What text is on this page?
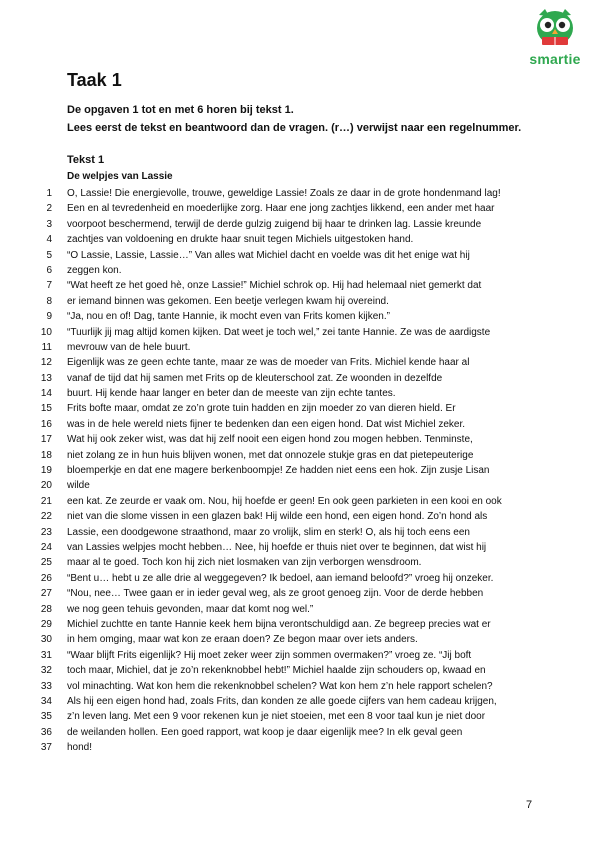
smartie
Taak 1
De opgaven 1 tot en met 6 horen bij tekst 1.
Lees eerst de tekst en beantwoord dan de vragen. (r…) verwijst naar een regelnummer.
Tekst 1
De welpjes van Lassie
1 O, Lassie! Die energievolle, trouwe, geweldige Lassie! Zoals ze daar in de grote hondenmand lag!
2 Een en al tevredenheid en moederlijke zorg. Haar ene jong zachtjes likkend, een ander met haar
3 voorpoot beschermend, terwijl de derde gulzig zuigend bij haar te drinken lag. Lassie kreunde
4 zachtjes van voldoening en drukte haar snuit tegen Michiels uitgestoken hand.
5 “O Lassie, Lassie, Lassie…” Van alles wat Michiel dacht en voelde was dit het enige wat hij
6 zeggen kon.
7 “Wat heeft ze het goed hè, onze Lassie!” Michiel schrok op. Hij had helemaal niet gemerkt dat
8 er iemand binnen was gekomen. Een beetje verlegen kwam hij overeind.
9 “Ja, nou en of! Dag, tante Hannie, ik mocht even van Frits komen kijken.”
10 “Tuurlijk jij mag altijd komen kijken. Dat weet je toch wel,” zei tante Hannie. Ze was de aardigste
11 mevrouw van de hele buurt.
12 Eigenlijk was ze geen echte tante, maar ze was de moeder van Frits. Michiel kende haar al
13 vanaf de tijd dat hij samen met Frits op de kleuterschool zat. Ze woonden in dezelfde
14 buurt. Hij kende haar langer en beter dan de meeste van zijn echte tantes.
15 Frits bofte maar, omdat ze zo’n grote tuin hadden en zijn moeder zo van dieren hield. Er
16 was in de hele wereld niets fijner te bedenken dan een eigen hond. Dat wist Michiel zeker.
17 Wat hij ook zeker wist, was dat hij zelf nooit een eigen hond zou mogen hebben. Tenminste,
18 niet zolang ze in hun huis blijven wonen, met dat onnozele stukje gras en dat pietepeuterige
19 bloemperkje en dat ene magere berkenboompje! Ze hadden niet eens een hok. Zijn zusje Lisan
20 wilde
21 een kat. Ze zeurde er vaak om. Nou, hij hoefde er geen! En ook geen parkieten in een kooi en ook
22 niet van die slome vissen in een glazen bak! Hij wilde een hond, een eigen hond. Zo’n hond als
23 Lassie, een doodgewone straathond, maar zo vrolijk, slim en sterk! O, als hij toch eens een
24 van Lassies welpjes mocht hebben… Nee, hij hoefde er thuis niet over te beginnen, dat wist hij
25 maar al te goed. Toch kon hij zich niet losmaken van zijn verborgen wensdroom.
26 “Bent u… hebt u ze alle drie al weggegeven? Ik bedoel, aan iemand beloofd?” vroeg hij onzeker.
27 “Nou, nee… Twee gaan er in ieder geval weg, als ze groot genoeg zijn. Voor de derde hebben
28 we nog geen tehuis gevonden, maar dat komt nog wel.”
29 Michiel zuchtte en tante Hannie keek hem bijna verontschuldigd aan. Ze begreep precies wat er
30 in hem omging, maar wat kon ze eraan doen? Ze begon maar over iets anders.
31 “Waar blijft Frits eigenlijk? Hij moet zeker weer zijn sommen overmaken?” vroeg ze. “Jij boft
32 toch maar, Michiel, dat je zo’n rekenknobbel hebt!” Michiel haalde zijn schouders op, kwaad en
33 vol minachting. Wat kon hem die rekenknobbel schelen? Wat kon hem z’n hele rapport schelen?
34 Als hij een eigen hond had, zoals Frits, dan konden ze alle goede cijfers van hem cadeau krijgen,
35 z’n leven lang. Met een 9 voor rekenen kun je niet stoeien, met een 8 voor taal kun je niet door
36 de weilanden hollen. Een goed rapport, wat koop je daar eigenlijk mee? In elk geval geen
37 hond!
7
